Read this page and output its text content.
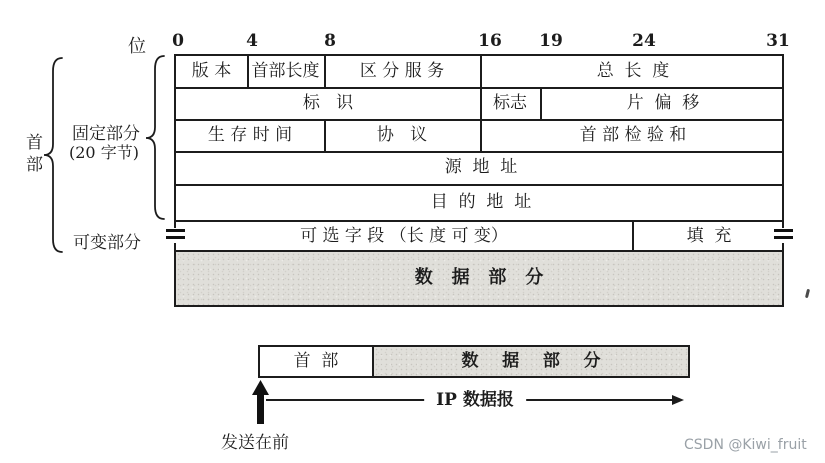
位 0	4	8	16 19	24	31
首部
固定部分
(20 字节)
可变部分
版 本	首部长度	区 分 服 务	总  长  度
标   识	标志	片  偏  移
生 存 时 间	协   议	首 部 检 验 和
源  地  址
目  的  地  址
可 选 字 段 （长 度 可 变）	填  充
数   据   部   分
首  部	数    据    部    分
IP 数据报
发送在前	CSDN @Kiwi_fruit
